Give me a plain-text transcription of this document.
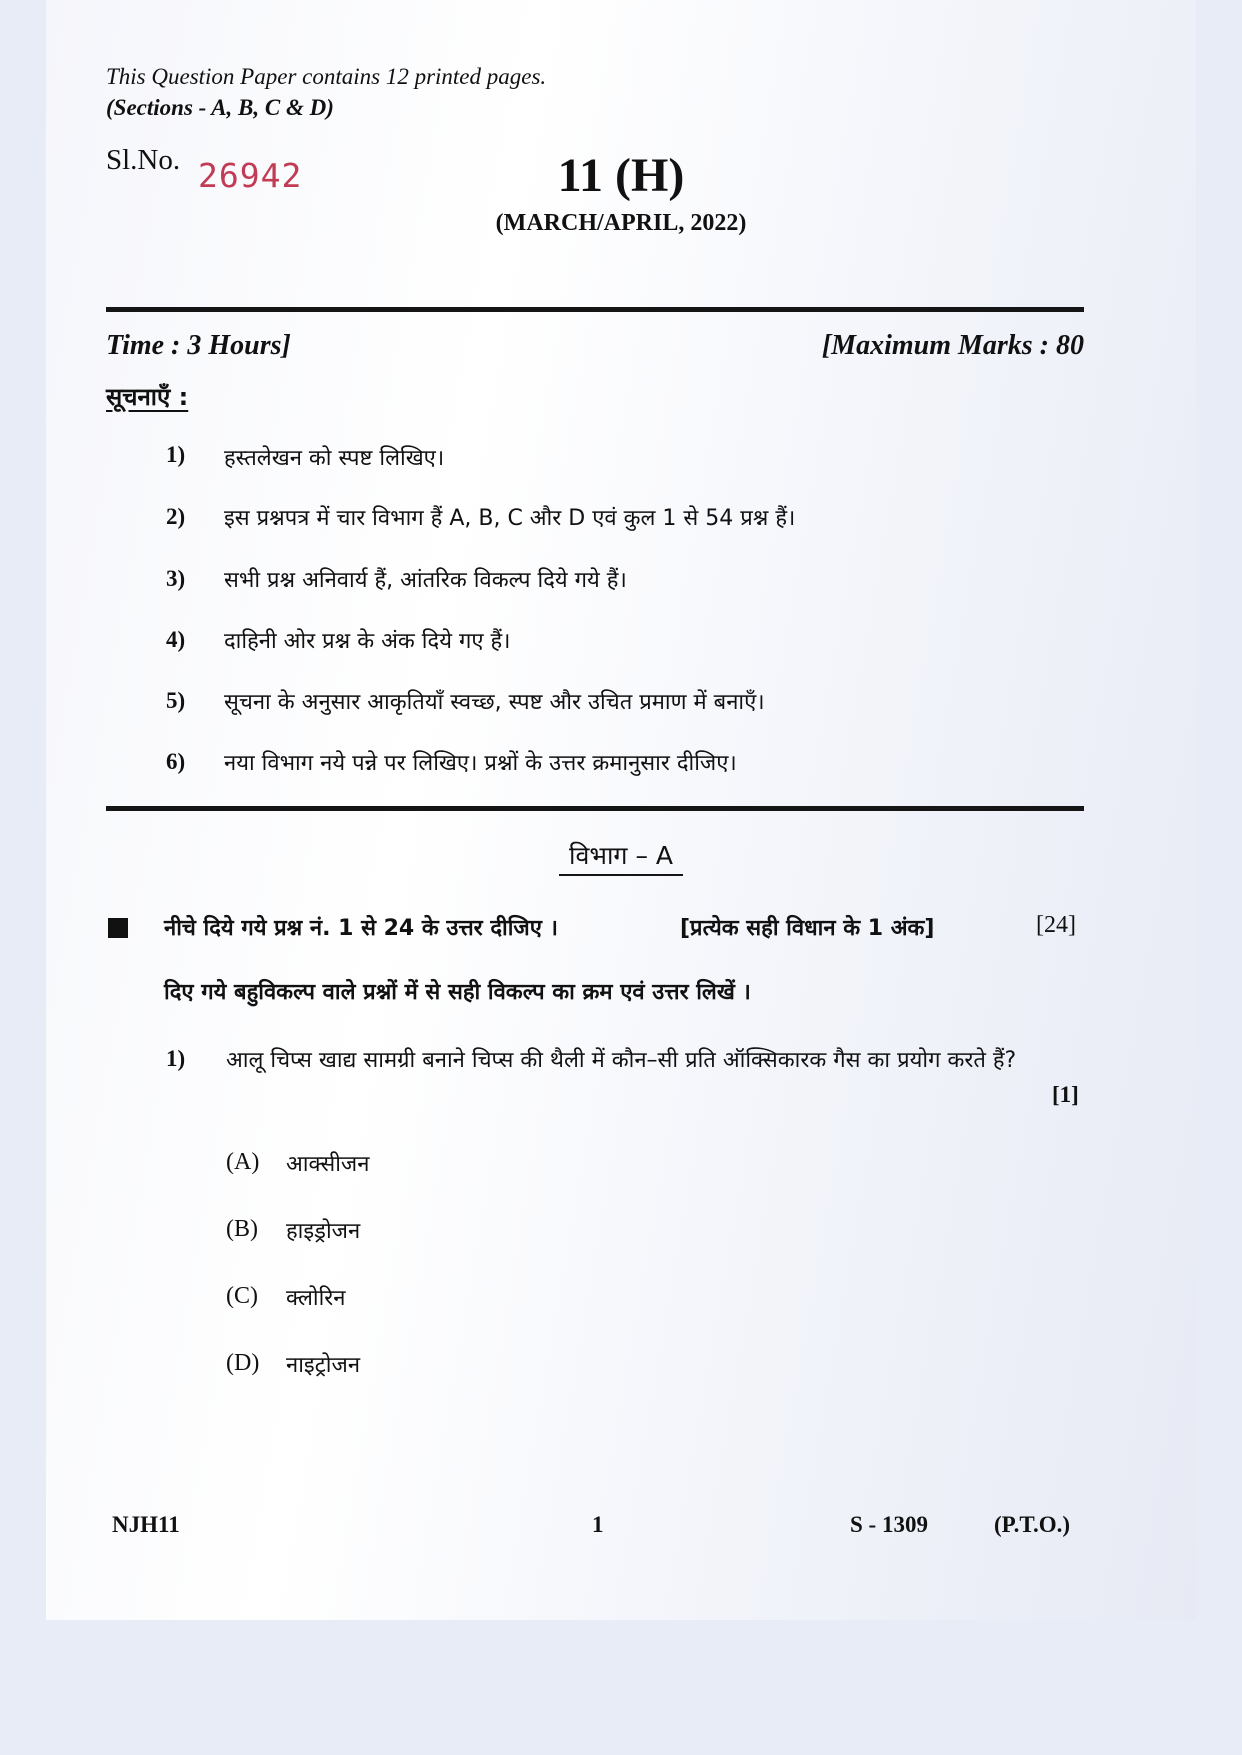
This Question Paper contains 12 printed pages.
(Sections - A, B, C & D)
Sl.No. 26942	11 (H)
(MARCH/APRIL, 2022)
Time : 3 Hours]	[Maximum Marks : 80
सूचनाएँ :
1) हस्तलेखन को स्पष्ट लिखिए।
2) इस प्रश्नपत्र में चार विभाग हैं A, B, C और D एवं कुल 1 से 54 प्रश्न हैं।
3) सभी प्रश्न अनिवार्य हैं, आंतरिक विकल्प दिये गये हैं।
4) दाहिनी ओर प्रश्न के अंक दिये गए हैं।
5) सूचना के अनुसार आकृतियाँ स्वच्छ, स्पष्ट और उचित प्रमाण में बनाएँ।
6) नया विभाग नये पन्ने पर लिखिए। प्रश्नों के उत्तर क्रमानुसार दीजिए।
विभाग – A
नीचे दिये गये प्रश्न नं. 1 से 24 के उत्तर दीजिए ।	[प्रत्येक सही विधान के 1 अंक]	[24]
दिए गये बहुविकल्प वाले प्रश्नों में से सही विकल्प का क्रम एवं उत्तर लिखें ।
1) आलू चिप्स खाद्य सामग्री बनाने चिप्स की थैली में कौन–सी प्रति ऑक्सिकारक गैस का प्रयोग करते हैं?
[1]
(A) आक्सीजन
(B) हाइड्रोजन
(C) क्लोरिन
(D) नाइट्रोजन
NJH11	1	S - 1309	(P.T.O.)
